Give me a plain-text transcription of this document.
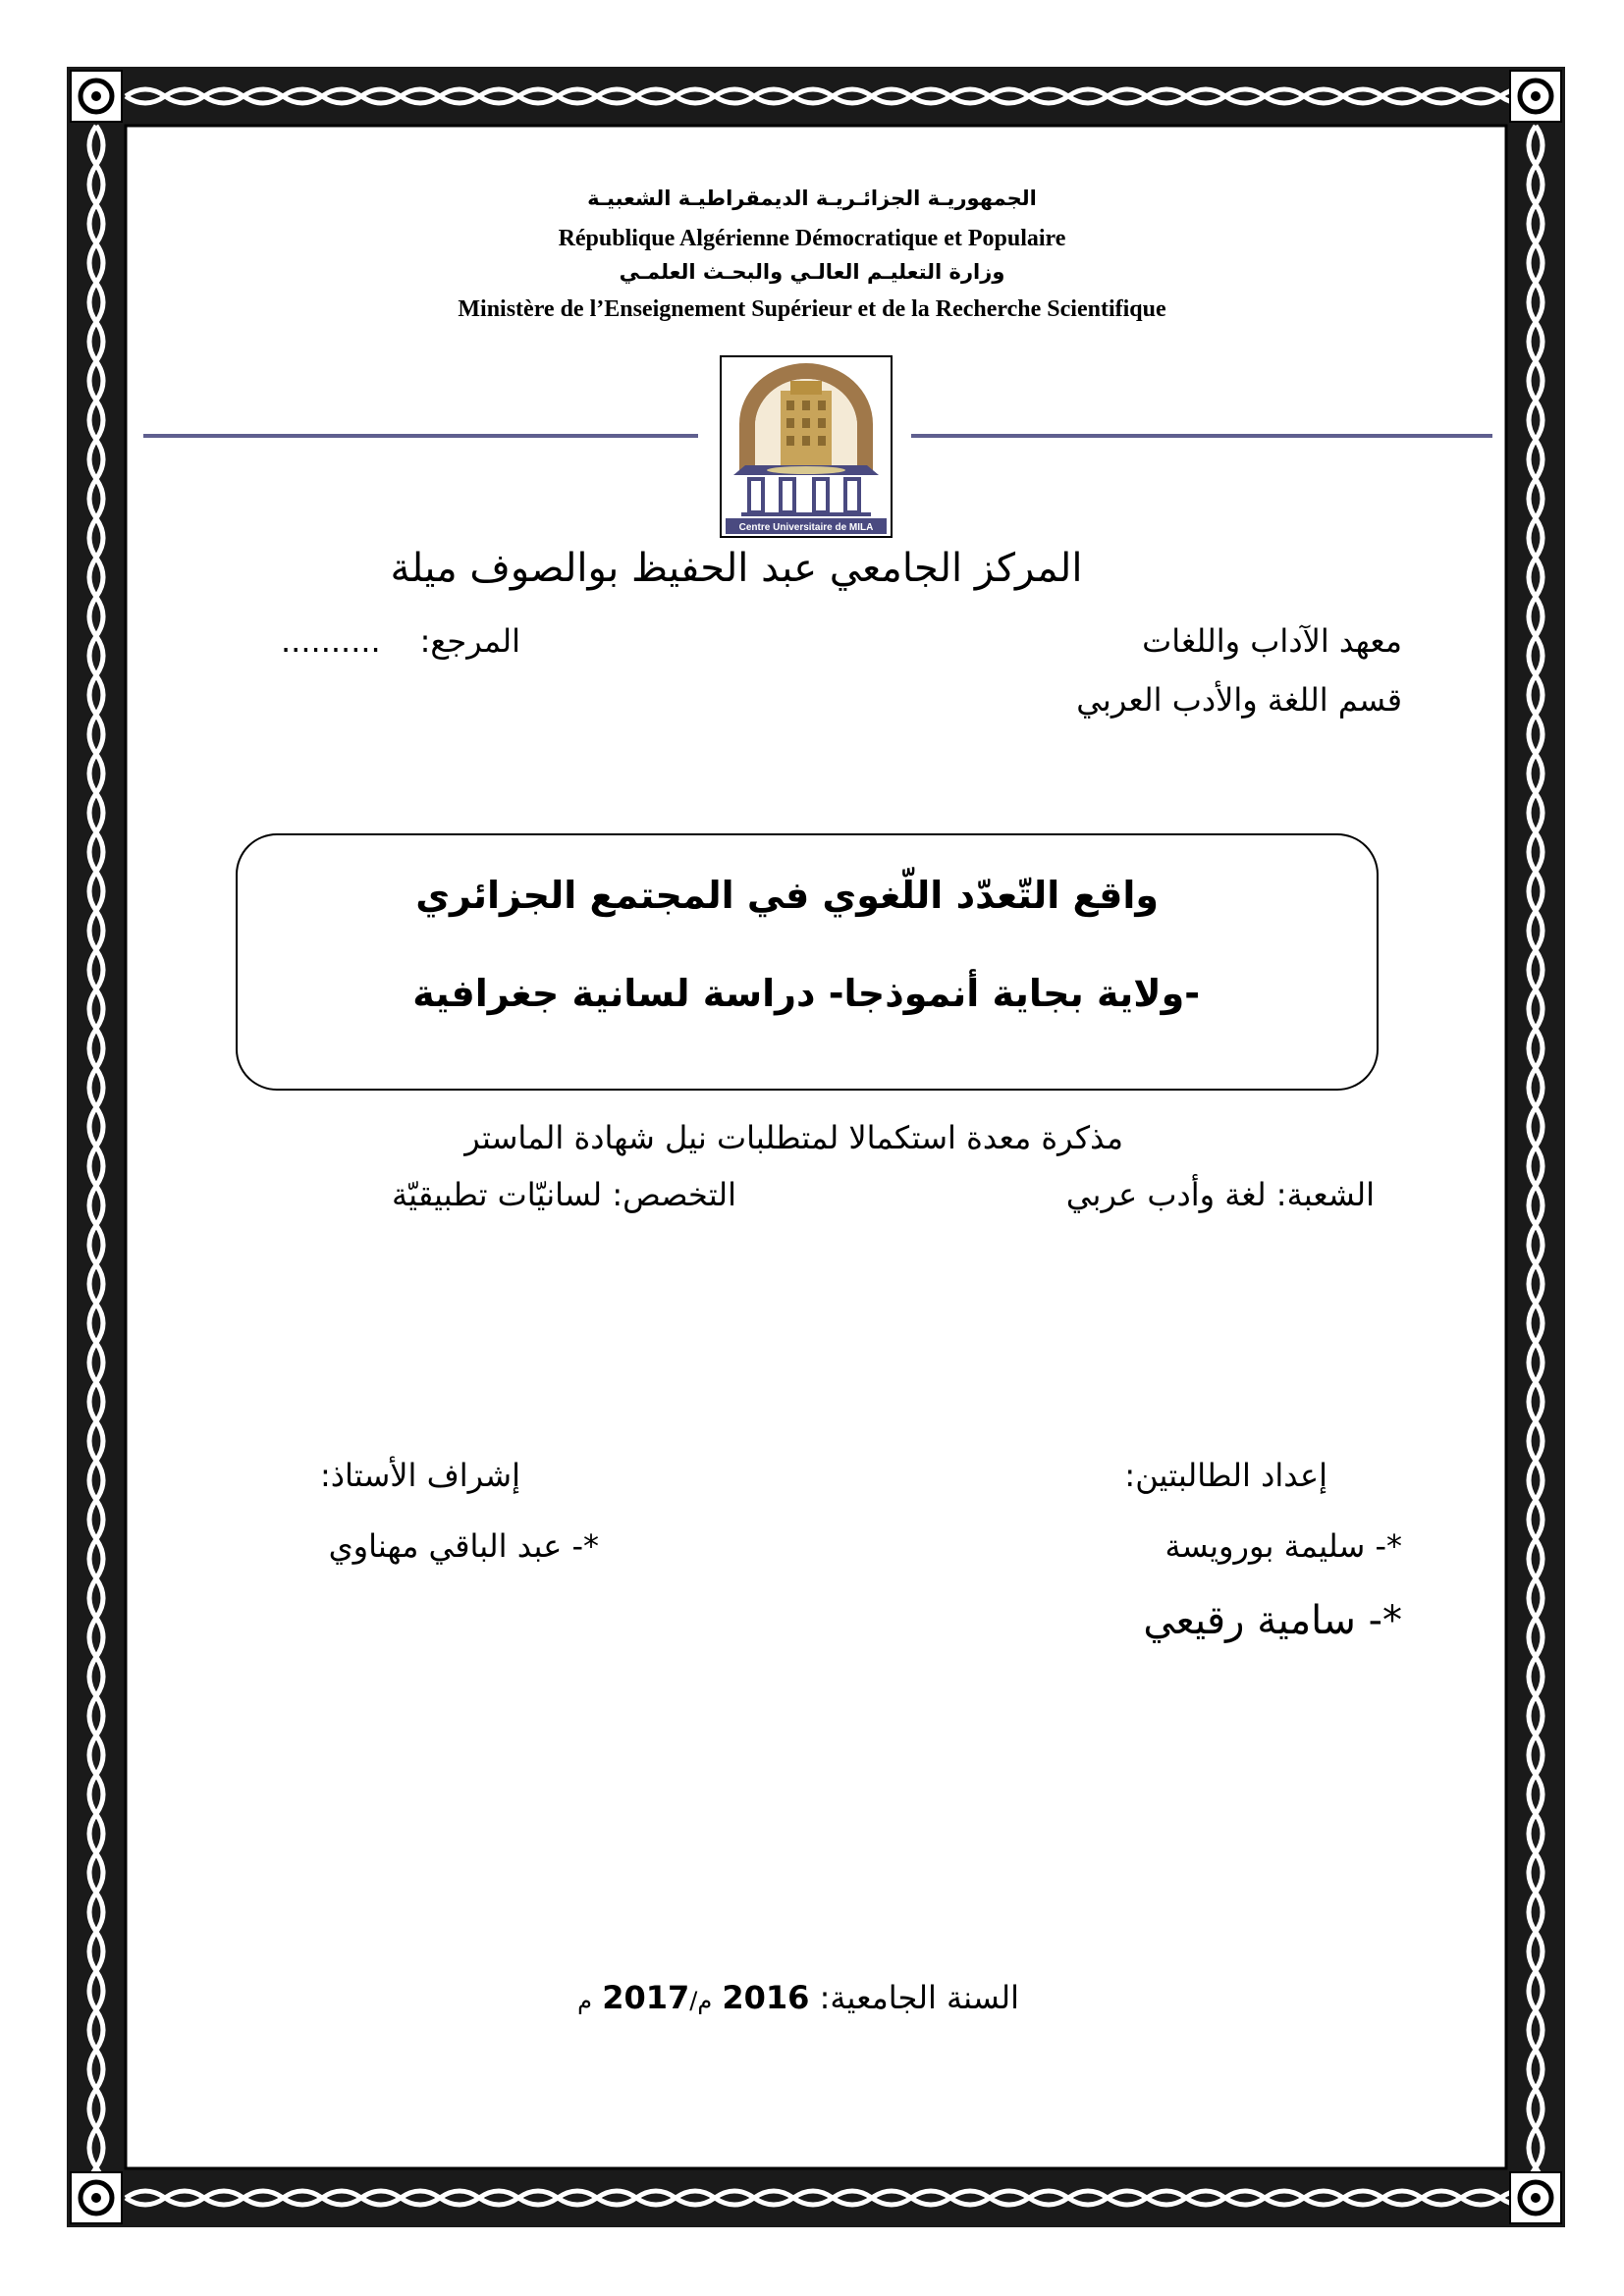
الجمهوريـة الجزائـريـة الديمقراطيـة الشعبيـة
République Algérienne Démocratique et Populaire
وزارة التعليـم العالـي والبحـث العلمـي
Ministère de l’Enseignement Supérieur et de la Recherche Scientifique
Centre Universitaire de MILA
المركز الجامعي عبد الحفيظ بوالصوف ميلة
معهد الآداب واللغات
المرجع:
..........
قسم اللغة والأدب العربي
واقع التّعدّد اللّغوي في المجتمع الجزائري
-ولاية بجاية أنموذجا- دراسة لسانية جغرافية
مذكرة معدة استكمالا لمتطلبات نيل شهادة الماستر
الشعبة: لغة وأدب عربي
التخصص: لسانيّات تطبيقيّة
إعداد الطالبتين:
إشراف الأستاذ:
*- سليمة بورويسة
*- عبد الباقي مهناوي
*- سامية رقيعي
السنة الجامعية: 2016 م/2017 م
